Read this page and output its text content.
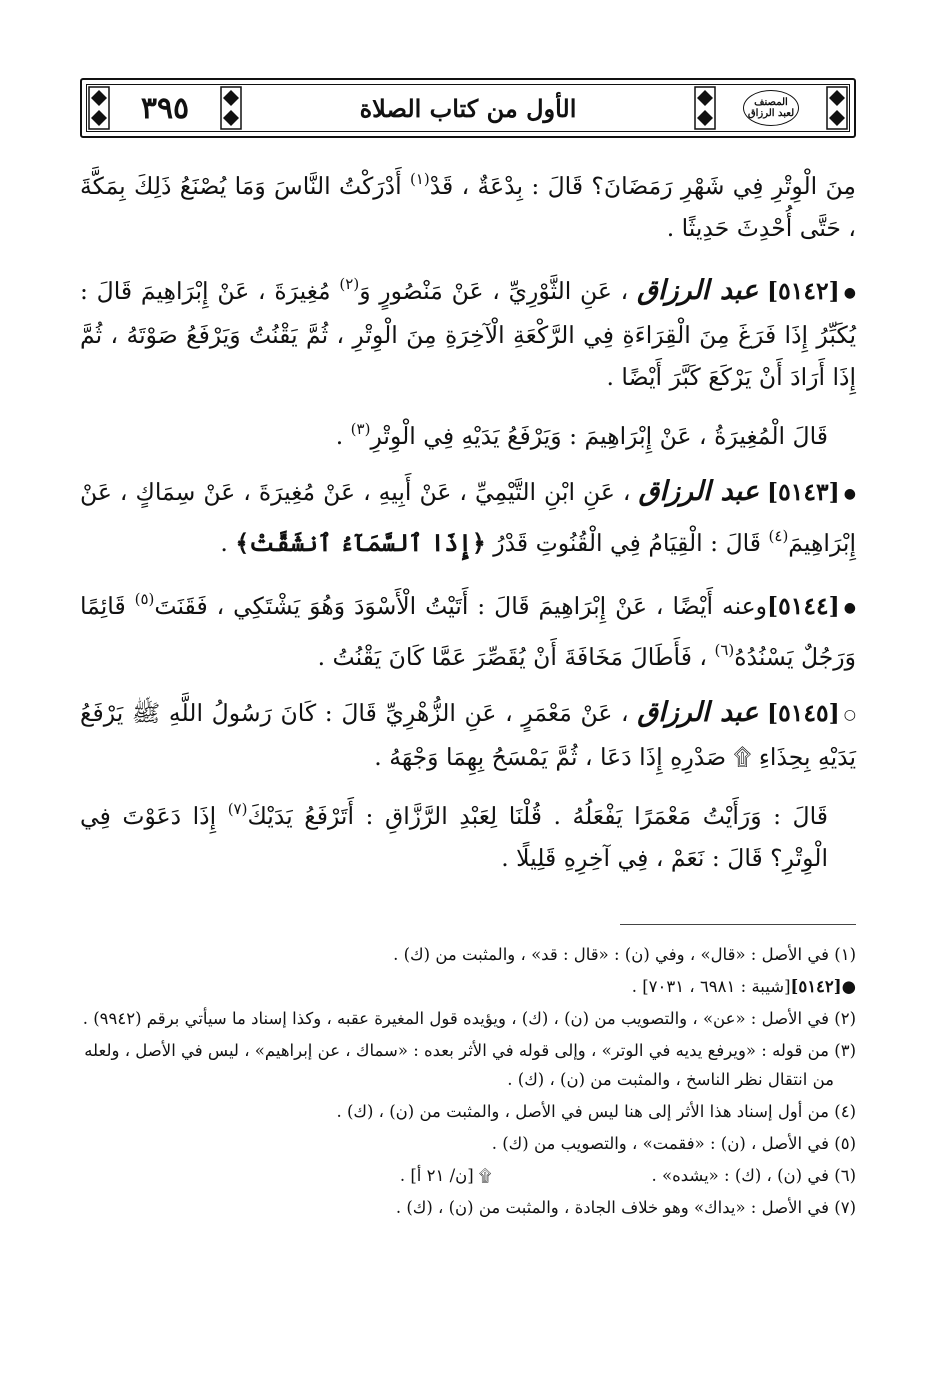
المصنف
لعبد الرزاق
الأول من كتاب الصلاة
٣٩٥

مِنَ الْوِتْرِ فِي شَهْرِ رَمَضَانَ؟ قَالَ : بِدْعَةٌ ، قَدْ$^{(١)}$ أَدْرَكْتُ النَّاسَ وَمَا يُصْنَعُ ذَلِكَ بِمَكَّةَ ، حَتَّى أُحْدِثَ حَدِيثًا .

●[٥١٤٢] عبد الرزاق ، عَنِ الثَّوْرِيِّ ، عَنْ مَنْصُورٍ وَ$^{(٢)}$ مُغِيرَةَ ، عَنْ إِبْرَاهِيمَ قَالَ : يُكَبِّرُ إِذَا فَرَغَ مِنَ الْقِرَاءَةِ فِي الرَّكْعَةِ الْآخِرَةِ مِنَ الْوِتْرِ ، ثُمَّ يَقْنُتُ وَيَرْفَعُ صَوْتَهُ ، ثُمَّ إِذَا أَرَادَ أَنْ يَرْكَعَ كَبَّرَ أَيْضًا .

قَالَ الْمُغِيرَةُ ، عَنْ إِبْرَاهِيمَ : وَيَرْفَعُ يَدَيْهِ فِي الْوِتْرِ$^{(٣)}$ .

●[٥١٤٣] عبد الرزاق ، عَنِ ابْنِ التَّيْمِيِّ ، عَنْ أَبِيهِ ، عَنْ مُغِيرَةَ ، عَنْ سِمَاكٍ ، عَنْ إِبْرَاهِيمَ$^{(٤)}$ قَالَ : الْقِيَامُ فِي الْقُنُوتِ قَدْرُ ﴿إِذَا ٱلسَّمَآءُ ٱنشَقَّتْ﴾ .

●[٥١٤٤]وعنه أَيْضًا ، عَنْ إِبْرَاهِيمَ قَالَ : أَتَيْتُ الْأَسْوَدَ وَهُوَ يَشْتَكِي ، فَقَنَتَ$^{(٥)}$ قَائِمًا وَرَجُلٌ يَسْنُدُهُ$^{(٦)}$ ، فَأَطَالَ مَخَافَةَ أَنْ يُقَصِّرَ عَمَّا كَانَ يَقْنُتُ .

○[٥١٤٥] عبد الرزاق ، عَنْ مَعْمَرٍ ، عَنِ الزُّهْرِيِّ قَالَ : كَانَ رَسُولُ اللَّهِ ﷺ يَرْفَعُ يَدَيْهِ بِحِذَاءِ ۩ صَدْرِهِ إِذَا دَعَا ، ثُمَّ يَمْسَحُ بِهِمَا وَجْهَهُ .

قَالَ : وَرَأَيْتُ مَعْمَرًا يَفْعَلُهُ . قُلْنَا لِعَبْدِ الرَّزَّاقِ : أَتَرْفَعُ يَدَيْكَ$^{(٧)}$ إِذَا دَعَوْتَ فِي الْوِتْرِ؟ قَالَ : نَعَمْ ، فِي آخِرِهِ قَلِيلًا .

(١) في الأصل : «قال» ، وفي (ن) : «قال : قد» ، والمثبت من (ك) .

●[٥١٤٢][شيبة : ٦٩٨١ ، ٧٠٣١] .

(٢) في الأصل : «عن» ، والتصويب من (ن) ، (ك) ، ويؤيده قول المغيرة عقبه ، وكذا إسناد ما سيأتي برقم (٩٩٤٢) .

(٣) من قوله : «ويرفع يديه في الوتر» ، وإلى قوله في الأثر بعده : «سماك ، عن إبراهيم» ، ليس في الأصل ، ولعله من انتقال نظر الناسخ ، والمثبت من (ن) ، (ك) .

(٤) من أول إسناد هذا الأثر إلى هنا ليس في الأصل ، والمثبت من (ن) ، (ك) .

(٥) في الأصل ، (ن) : «فقمت» ، والتصويب من (ك) .

(٦) في (ن) ، (ك) : «يشده» .
۩ [ن/ ٢١ أ] .

(٧) في الأصل : «يداك» وهو خلاف الجادة ، والمثبت من (ن) ، (ك) .
